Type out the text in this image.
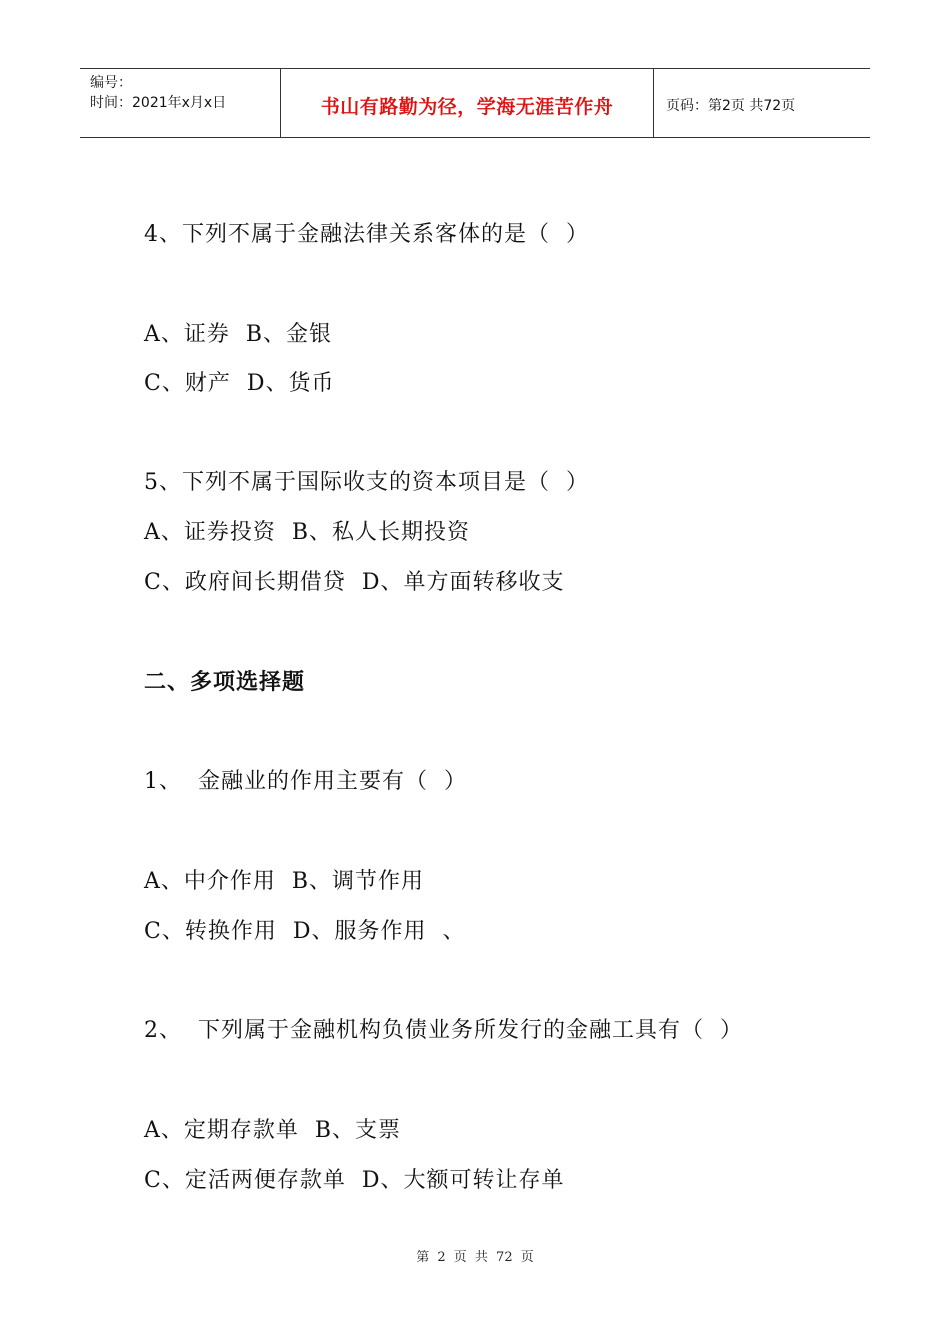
编号：
时间：2021年x月x日	书山有路勤为径，学海无涯苦作舟	页码：第2页 共72页
4、下列不属于金融法律关系客体的是（  ）
A、证券  B、金银
C、财产  D、货币
5、下列不属于国际收支的资本项目是（  ）
A、证券投资  B、私人长期投资
C、政府间长期借贷  D、单方面转移收支
二、多项选择题
1、  金融业的作用主要有（  ）
A、中介作用  B、调节作用
C、转换作用  D、服务作用  、
2、  下列属于金融机构负债业务所发行的金融工具有（  ）
A、定期存款单  B、支票
C、定活两便存款单  D、大额可转让存单
第 2 页 共 72 页
